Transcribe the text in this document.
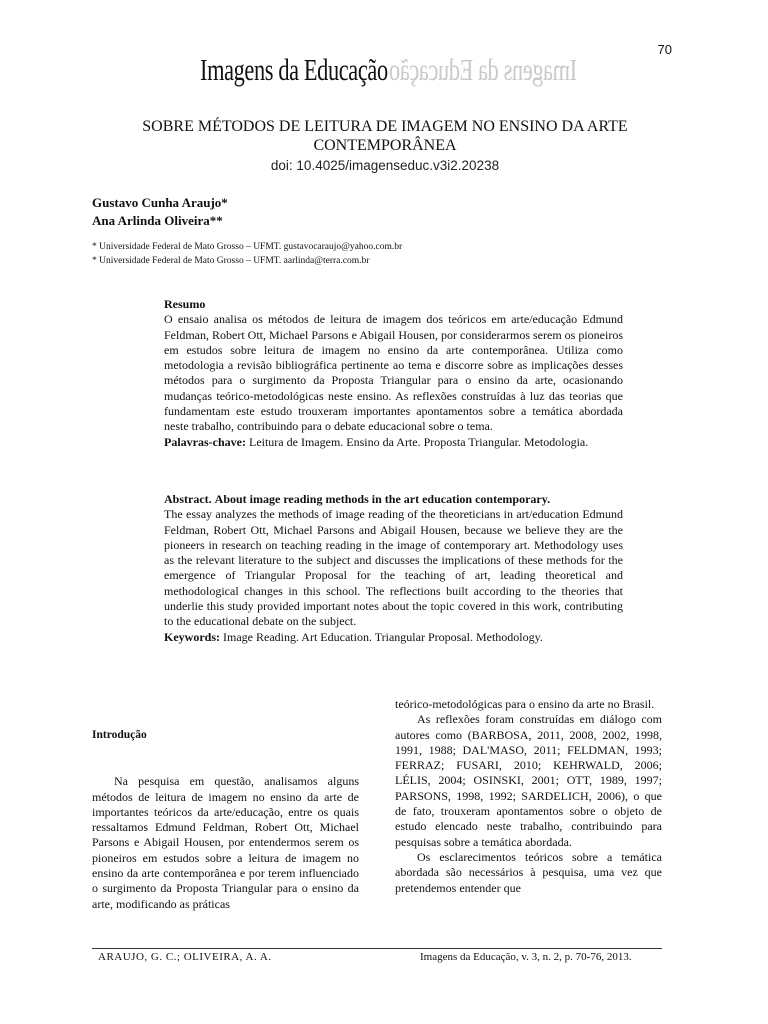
70
Imagens da EducaçãoImagens da Educação
SOBRE MÉTODOS DE LEITURA DE IMAGEM NO ENSINO DA ARTE CONTEMPORÂNEA
doi: 10.4025/imagenseduc.v3i2.20238
Gustavo Cunha Araujo*
Ana Arlinda Oliveira**
* Universidade Federal de Mato Grosso – UFMT. gustavocaraujo@yahoo.com.br
* Universidade Federal de Mato Grosso – UFMT. aarlinda@terra.com.br

Resumo

O ensaio analisa os métodos de leitura de imagem dos teóricos em arte/educação Edmund Feldman, Robert Ott, Michael Parsons e Abigail Housen, por considerarmos serem os pioneiros em estudos sobre leitura de imagem no ensino da arte contemporânea. Utiliza como metodologia a revisão bibliográfica pertinente ao tema e discorre sobre as implicações desses métodos para o surgimento da Proposta Triangular para o ensino da arte, ocasionando mudanças teórico-metodológicas neste ensino. As reflexões construídas à luz das teorias que fundamentam este estudo trouxeram importantes apontamentos sobre a temática abordada neste trabalho, contribuindo para o debate educacional sobre o tema.

Palavras-chave: Leitura de Imagem. Ensino da Arte. Proposta Triangular. Metodologia.

Abstract. About image reading methods in the art education contemporary.

The essay analyzes the methods of image reading of the theoreticians in art/education Edmund Feldman, Robert Ott, Michael Parsons and Abigail Housen, because we believe they are the pioneers in research on teaching reading in the image of contemporary art. Methodology uses as the relevant literature to the subject and discusses the implications of these methods for the emergence of Triangular Proposal for the teaching of art, leading theoretical and methodological changes in this school. The reflections built according to the theories that underlie this study provided important notes about the topic covered in this work, contributing to the educational debate on the subject.

Keywords: Image Reading. Art Education. Triangular Proposal. Methodology.

Introdução

Na pesquisa em questão, analisamos alguns métodos de leitura de imagem no ensino da arte de importantes teóricos da arte/educação, entre os quais ressaltamos Edmund Feldman, Robert Ott, Michael Parsons e Abigail Housen, por entendermos serem os pioneiros em estudos sobre a leitura de imagem no ensino da arte contemporânea e por terem influenciado o surgimento da Proposta Triangular para o ensino da arte, modificando as práticas

teórico-metodológicas para o ensino da arte no Brasil.

As reflexões foram construídas em diálogo com autores como (BARBOSA, 2011, 2008, 2002, 1998, 1991, 1988; DAL'MASO, 2011; FELDMAN, 1993; FERRAZ; FUSARI, 2010; KEHRWALD, 2006; LÉLIS, 2004; OSINSKI, 2001; OTT, 1989, 1997; PARSONS, 1998, 1992; SARDELICH, 2006), o que de fato, trouxeram apontamentos sobre o objeto de estudo elencado neste trabalho, contribuindo para pesquisas sobre a temática abordada.

Os esclarecimentos teóricos sobre a temática abordada são necessários à pesquisa, uma vez que pretendemos entender que

ARAUJO, G. C.; OLIVEIRA, A. A.	Imagens da Educação, v. 3, n. 2, p. 70-76, 2013.
